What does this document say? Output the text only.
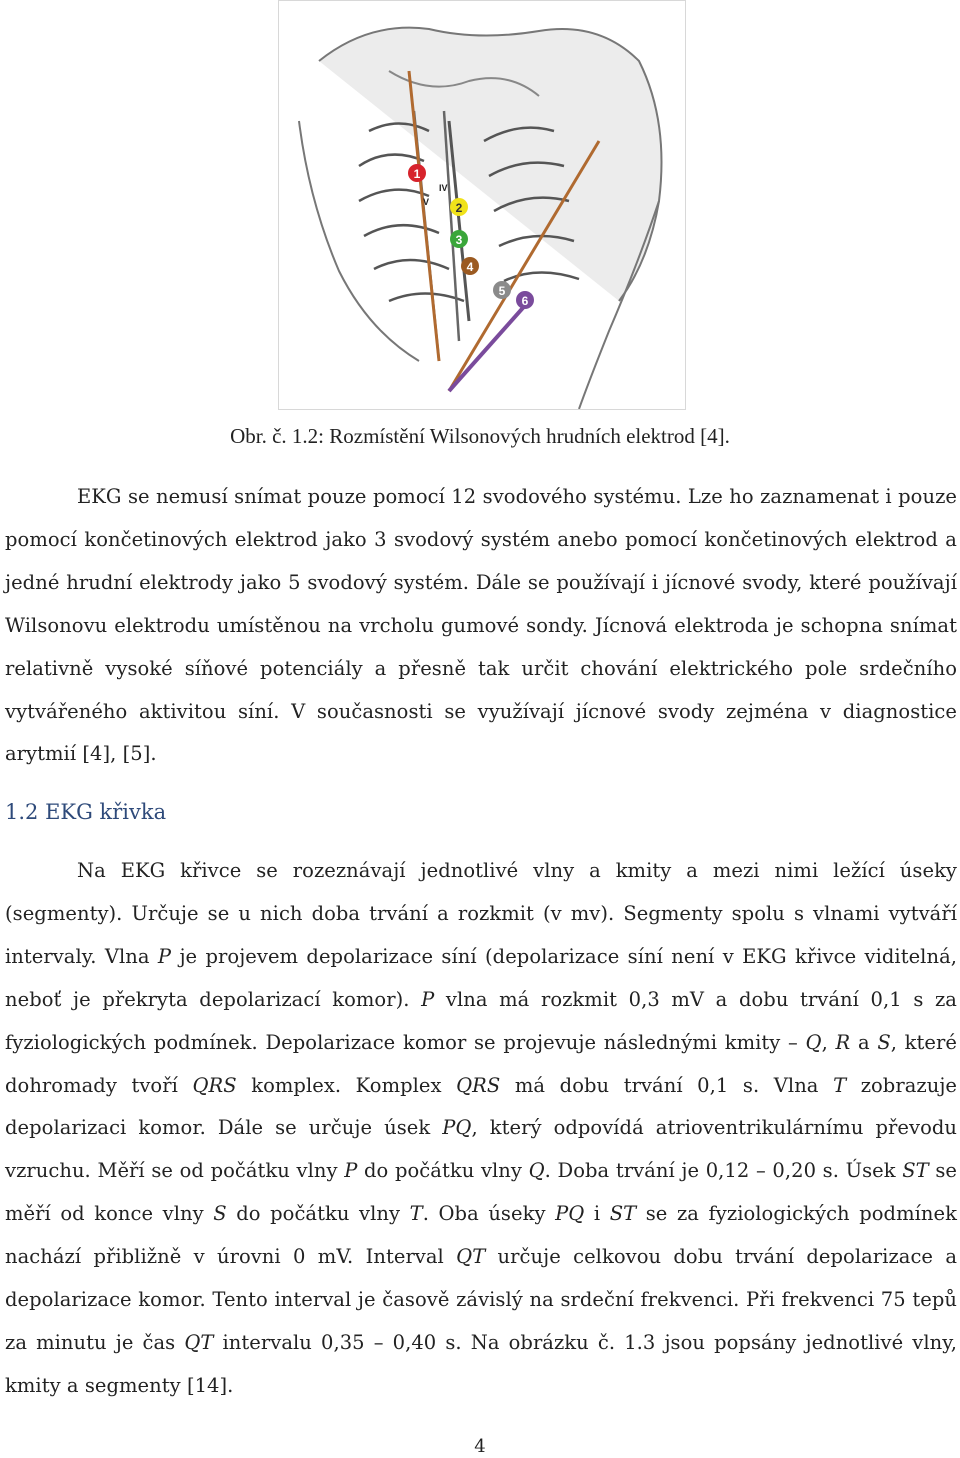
1
2
3
4
5
6
IV
V
Obr. č. 1.2: Rozmístění Wilsonových hrudních elektrod [4].
EKG se nemusí snímat pouze pomocí 12 svodového systému. Lze ho zaznamenat i pouze pomocí končetinových elektrod jako 3 svodový systém anebo pomocí končetinových elektrod a jedné hrudní elektrody jako 5 svodový systém. Dále se používají i jícnové svody, které používají Wilsonovu elektrodu umístěnou na vrcholu gumové sondy. Jícnová elektroda je schopna snímat relativně vysoké síňové potenciály a přesně tak určit chování elektrického pole srdečního vytvářeného aktivitou síní. V současnosti se využívají jícnové svody zejména v diagnostice arytmií [4], [5].
1.2 EKG křivka
Na EKG křivce se rozeznávají jednotlivé vlny a kmity a mezi nimi ležící úseky (segmenty). Určuje se u nich doba trvání a rozkmit (v mv). Segmenty spolu s vlnami vytváří intervaly. Vlna P je projevem depolarizace síní (depolarizace síní není v EKG křivce viditelná, neboť je překryta depolarizací komor). P vlna má rozkmit 0,3 mV a dobu trvání 0,1 s za fyziologických podmínek. Depolarizace komor se projevuje následnými kmity – Q, R a S, které dohromady tvoří QRS komplex. Komplex QRS má dobu trvání 0,1 s. Vlna T zobrazuje depolarizaci komor. Dále se určuje úsek PQ, který odpovídá atrioventrikulárnímu převodu vzruchu. Měří se od počátku vlny P do počátku vlny Q. Doba trvání je 0,12 – 0,20 s. Úsek ST se měří od konce vlny S do počátku vlny T. Oba úseky PQ i ST se za fyziologických podmínek nachází přibližně v úrovni 0 mV. Interval QT určuje celkovou dobu trvání depolarizace a depolarizace komor. Tento interval je časově závislý na srdeční frekvenci. Při frekvenci 75 tepů za minutu je čas QT intervalu 0,35 – 0,40 s. Na obrázku č. 1.3 jsou popsány jednotlivé vlny, kmity a segmenty [14].
4
